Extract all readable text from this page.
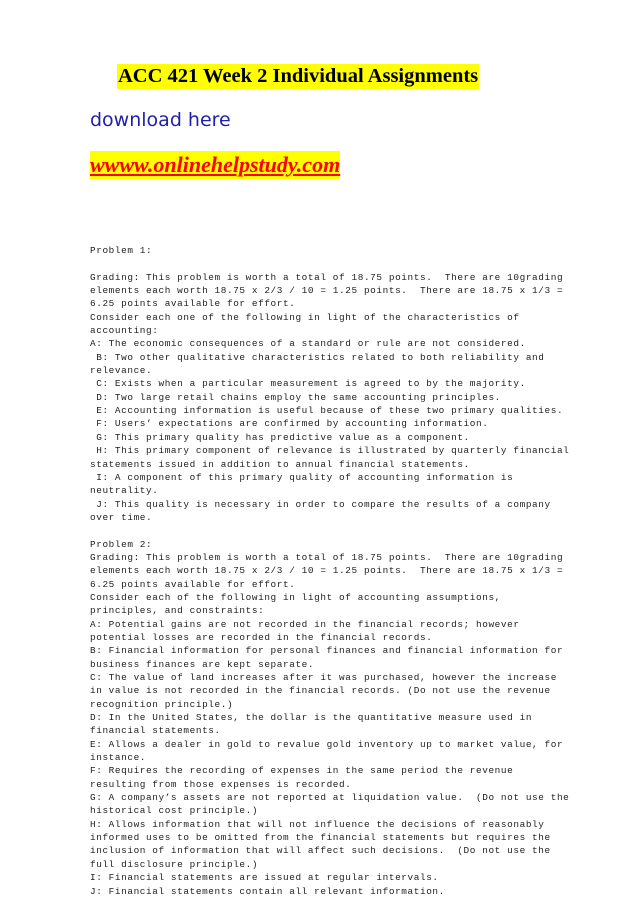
ACC 421 Week 2 Individual Assignments
download here
wwww.onlinehelpstudy.com
Problem 1:
Grading: This problem is worth a total of 18.75 points.  There are 10grading
elements each worth 18.75 x 2/3 / 10 = 1.25 points.  There are 18.75 x 1/3 =
6.25 points available for effort.
Consider each one of the following in light of the characteristics of
accounting:
A: The economic consequences of a standard or rule are not considered.
B: Two other qualitative characteristics related to both reliability and
relevance.
C: Exists when a particular measurement is agreed to by the majority.
D: Two large retail chains employ the same accounting principles.
E: Accounting information is useful because of these two primary qualities.
F: Users’ expectations are confirmed by accounting information.
G: This primary quality has predictive value as a component.
H: This primary component of relevance is illustrated by quarterly financial
statements issued in addition to annual financial statements.
I: A component of this primary quality of accounting information is
neutrality.
J: This quality is necessary in order to compare the results of a company
over time.
Problem 2:
Grading: This problem is worth a total of 18.75 points.  There are 10grading
elements each worth 18.75 x 2/3 / 10 = 1.25 points.  There are 18.75 x 1/3 =
6.25 points available for effort.
Consider each of the following in light of accounting assumptions,
principles, and constraints:
A: Potential gains are not recorded in the financial records; however
potential losses are recorded in the financial records.
B: Financial information for personal finances and financial information for
business finances are kept separate.
C: The value of land increases after it was purchased, however the increase
in value is not recorded in the financial records. (Do not use the revenue
recognition principle.)
D: In the United States, the dollar is the quantitative measure used in
financial statements.
E: Allows a dealer in gold to revalue gold inventory up to market value, for
instance.
F: Requires the recording of expenses in the same period the revenue
resulting from those expenses is recorded.
G: A company’s assets are not reported at liquidation value.  (Do not use the
historical cost principle.)
H: Allows information that will not influence the decisions of reasonably
informed uses to be omitted from the financial statements but requires the
inclusion of information that will affect such decisions.  (Do not use the
full disclosure principle.)
I: Financial statements are issued at regular intervals.
J: Financial statements contain all relevant information.
